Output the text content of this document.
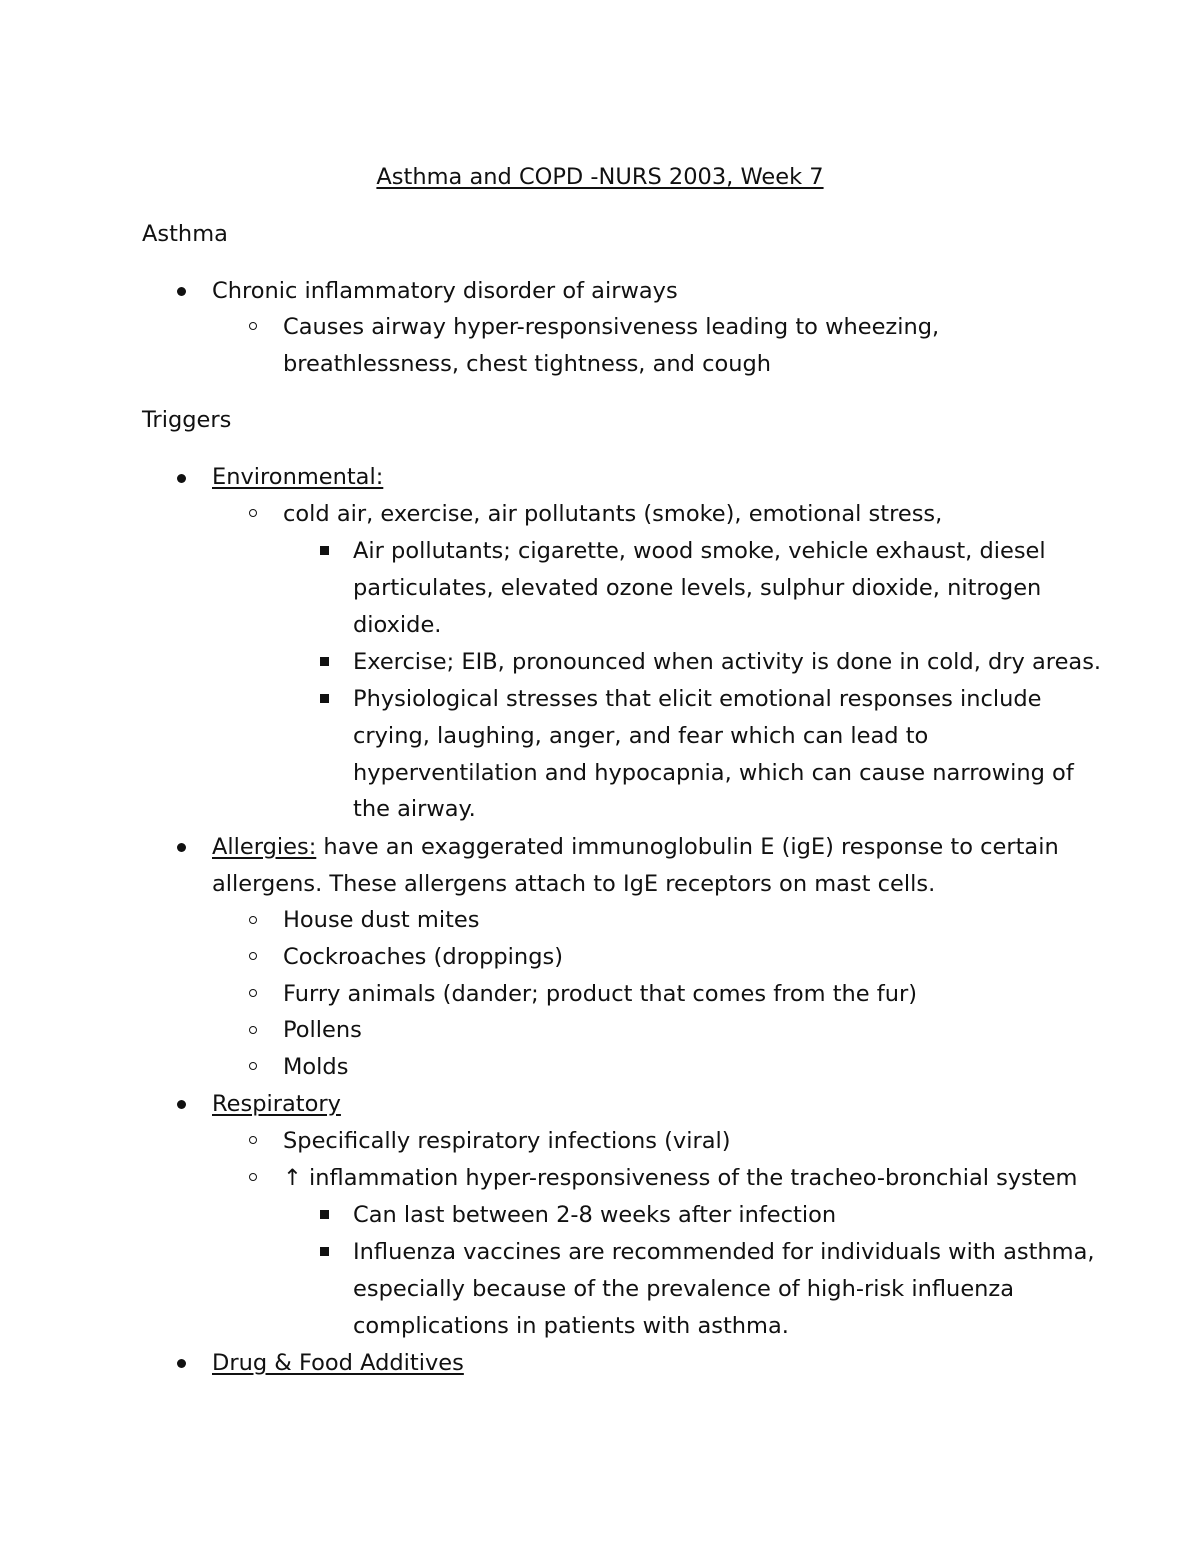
Asthma and COPD -NURS 2003, Week 7
Asthma
Chronic inflammatory disorder of airways
Causes airway hyper-responsiveness leading to wheezing,
breathlessness, chest tightness, and cough
Triggers
Environmental:
cold air, exercise, air pollutants (smoke), emotional stress,
Air pollutants; cigarette, wood smoke, vehicle exhaust, diesel
particulates, elevated ozone levels, sulphur dioxide, nitrogen
dioxide.
Exercise; EIB, pronounced when activity is done in cold, dry areas.
Physiological stresses that elicit emotional responses include
crying, laughing, anger, and fear which can lead to
hyperventilation and hypocapnia, which can cause narrowing of
the airway.
Allergies: have an exaggerated immunoglobulin E (igE) response to certain
allergens. These allergens attach to IgE receptors on mast cells.
House dust mites
Cockroaches (droppings)
Furry animals (dander; product that comes from the fur)
Pollens
Molds
Respiratory
Specifically respiratory infections (viral)
↑ inflammation hyper-responsiveness of the tracheo-bronchial system
Can last between 2-8 weeks after infection
Influenza vaccines are recommended for individuals with asthma,
especially because of the prevalence of high-risk influenza
complications in patients with asthma.
Drug & Food Additives
